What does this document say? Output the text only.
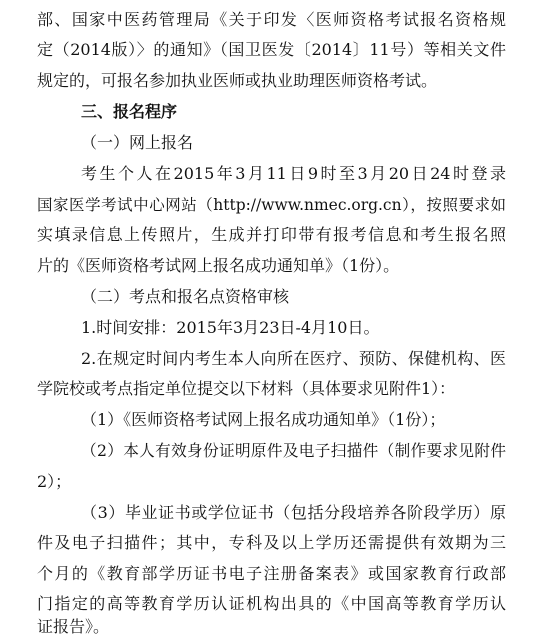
部、国家中医药管理局《关于印发〈医师资格考试报名资格规
定（2014版）〉的通知》（国卫医发〔2014〕11号）等相关文件
规定的，可报名参加执业医师或执业助理医师资格考试。
三、报名程序
（一）网上报名
考生个人在2015年3月11日9时至3月20日24时登录
国家医学考试中心网站（http://www.nmec.org.cn），按照要求如
实填录信息上传照片，生成并打印带有报考信息和考生报名照
片的《医师资格考试网上报名成功通知单》（1份）。
（二）考点和报名点资格审核
1.时间安排：2015年3月23日-4月10日。
2.在规定时间内考生本人向所在医疗、预防、保健机构、医
学院校或考点指定单位提交以下材料（具体要求见附件1）：
（1）《医师资格考试网上报名成功通知单》（1份）；
（2）本人有效身份证明原件及电子扫描件（制作要求见附件
2）；
（3）毕业证书或学位证书（包括分段培养各阶段学历）原
件及电子扫描件；其中，专科及以上学历还需提供有效期为三
个月的《教育部学历证书电子注册备案表》或国家教育行政部
门指定的高等教育学历认证机构出具的《中国高等教育学历认
证报告》。
